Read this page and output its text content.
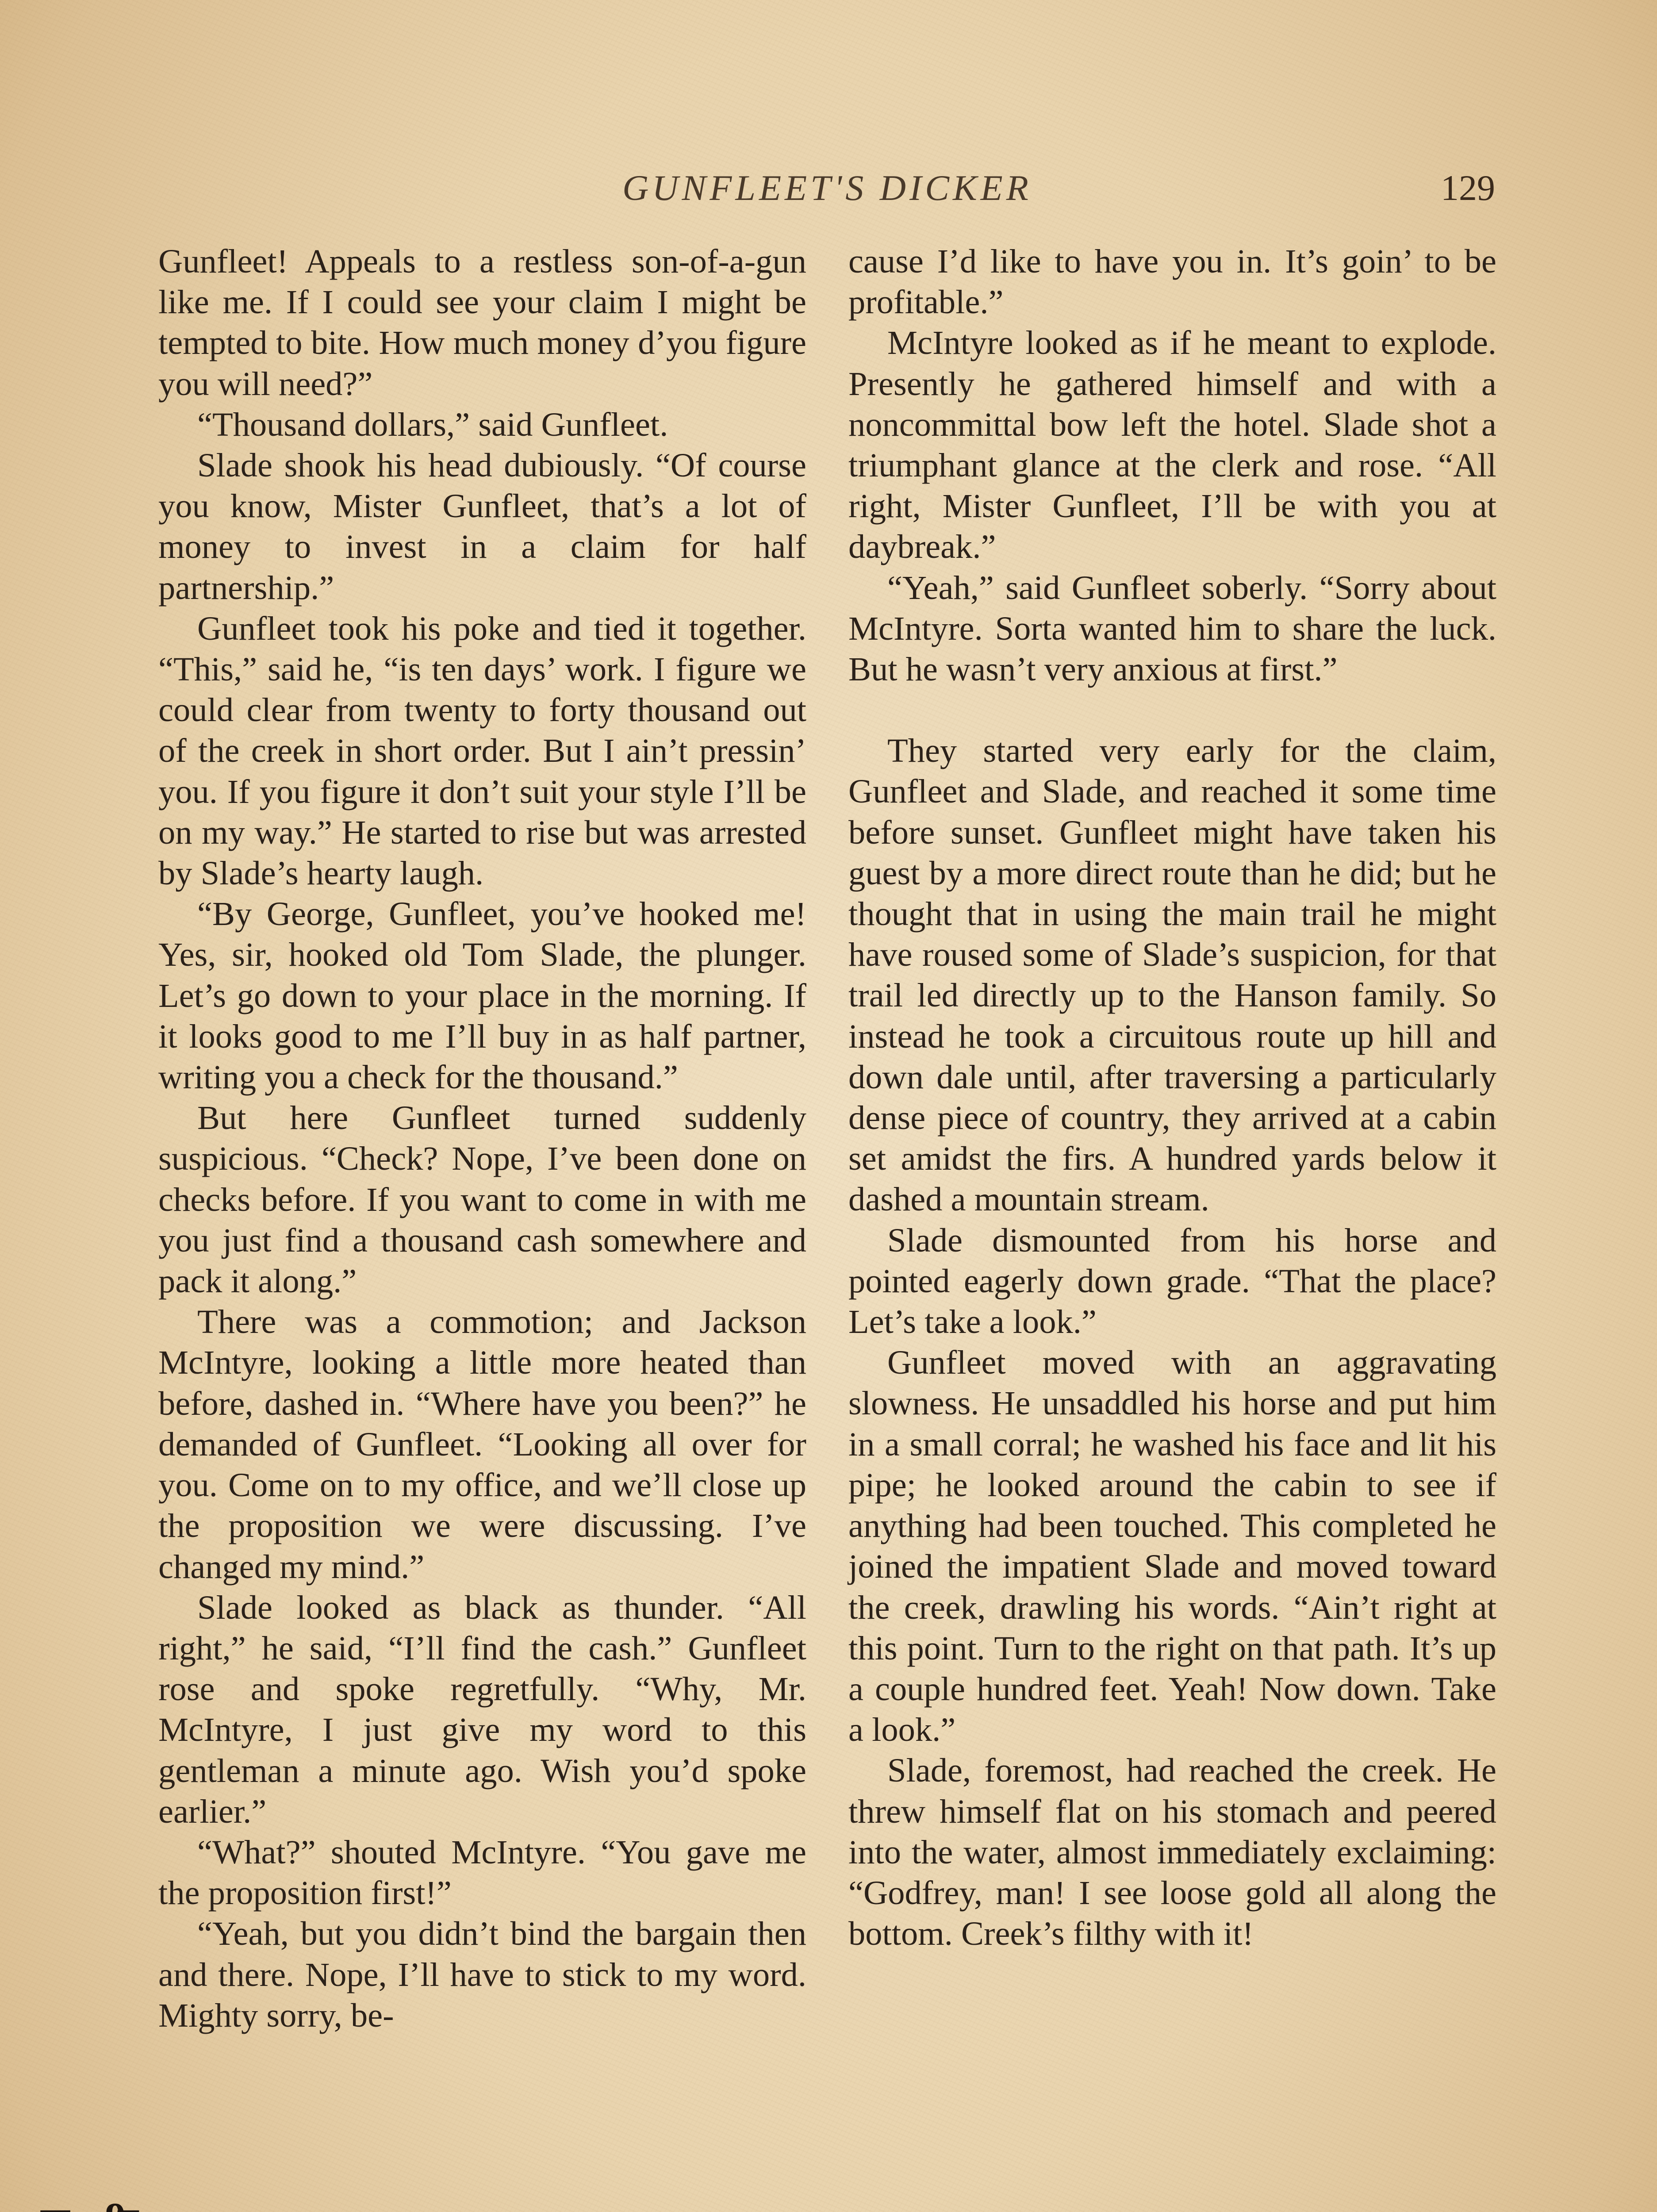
GUNFLEET'S DICKER	129

Gunfleet! Appeals to a restless son-of-a-gun like me. If I could see your claim I might be tempted to bite. How much money d’you figure you will need?”

“Thousand dollars,” said Gunfleet.

Slade shook his head dubiously. “Of course you know, Mister Gunfleet, that’s a lot of money to invest in a claim for half partnership.”

Gunfleet took his poke and tied it together. “This,” said he, “is ten days’ work. I figure we could clear from twenty to forty thousand out of the creek in short order. But I ain’t pressin’ you. If you figure it don’t suit your style I’ll be on my way.” He started to rise but was arrested by Slade’s hearty laugh.

“By George, Gunfleet, you’ve hooked me! Yes, sir, hooked old Tom Slade, the plunger. Let’s go down to your place in the morning. If it looks good to me I’ll buy in as half partner, writing you a check for the thousand.”

But here Gunfleet turned suddenly suspicious. “Check? Nope, I’ve been done on checks before. If you want to come in with me you just find a thousand cash somewhere and pack it along.”

There was a commotion; and Jackson McIntyre, looking a little more heated than before, dashed in. “Where have you been?” he demanded of Gunfleet. “Looking all over for you. Come on to my office, and we’ll close up the proposition we were discussing. I’ve changed my mind.”

Slade looked as black as thunder. “All right,” he said, “I’ll find the cash.” Gunfleet rose and spoke regretfully. “Why, Mr. McIntyre, I just give my word to this gentleman a minute ago. Wish you’d spoke earlier.”

“What?” shouted McIntyre. “You gave me the proposition first!”

“Yeah, but you didn’t bind the bargain then and there. Nope, I’ll have to stick to my word. Mighty sorry, be-

cause I’d like to have you in. It’s goin’ to be profitable.”

McIntyre looked as if he meant to explode. Presently he gathered himself and with a noncommittal bow left the hotel. Slade shot a triumphant glance at the clerk and rose. “All right, Mister Gunfleet, I’ll be with you at daybreak.”

“Yeah,” said Gunfleet soberly. “Sorry about McIntyre. Sorta wanted him to share the luck. But he wasn’t very anxious at first.”

They started very early for the claim, Gunfleet and Slade, and reached it some time before sunset. Gunfleet might have taken his guest by a more direct route than he did; but he thought that in using the main trail he might have roused some of Slade’s suspicion, for that trail led directly up to the Hanson family. So instead he took a circuitous route up hill and down dale until, after traversing a particularly dense piece of country, they arrived at a cabin set amidst the firs. A hundred yards below it dashed a mountain stream.

Slade dismounted from his horse and pointed eagerly down grade. “That the place? Let’s take a look.”

Gunfleet moved with an aggravating slowness. He unsaddled his horse and put him in a small corral; he washed his face and lit his pipe; he looked around the cabin to see if anything had been touched. This completed he joined the impatient Slade and moved toward the creek, drawling his words. “Ain’t right at this point. Turn to the right on that path. It’s up a couple hundred feet. Yeah! Now down. Take a look.”

Slade, foremost, had reached the creek. He threw himself flat on his stomach and peered into the water, almost immediately exclaiming: “Godfrey, man! I see loose gold all along the bottom. Creek’s filthy with it!
